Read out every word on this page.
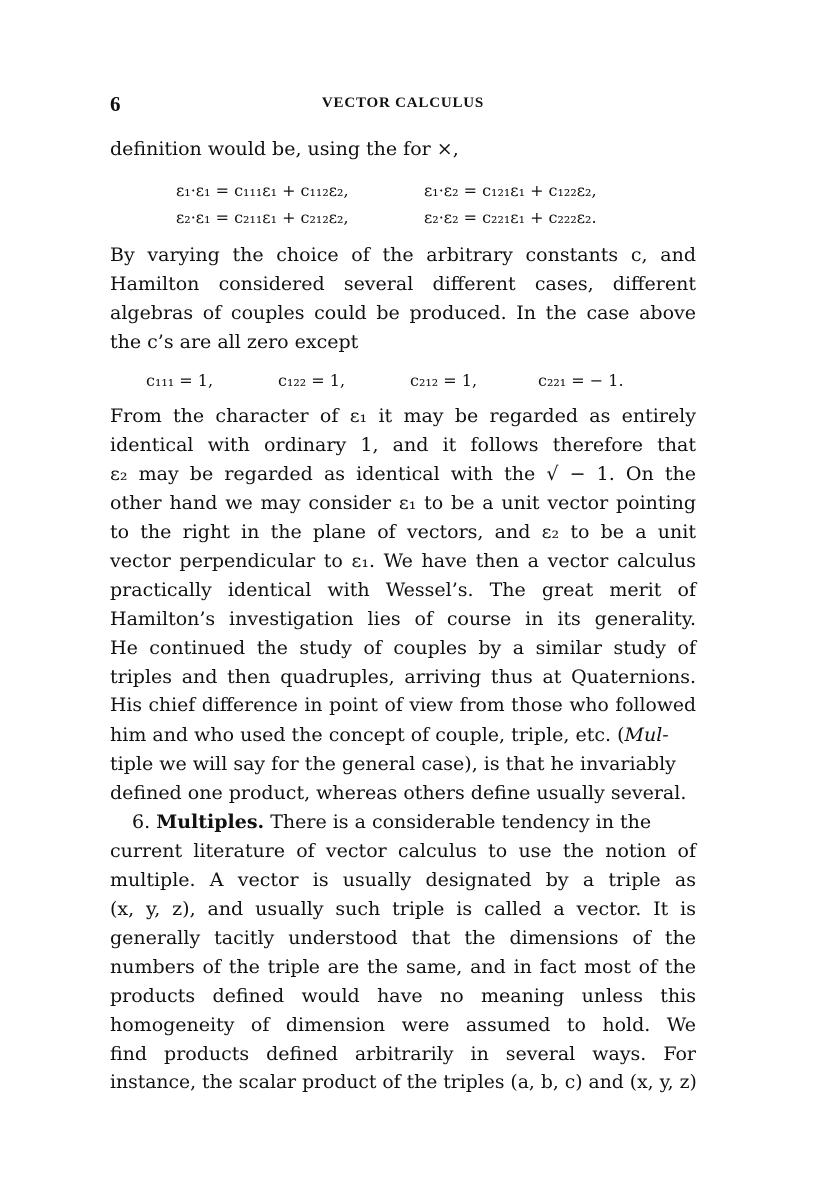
6	VECTOR CALCULUS
definition would be, using the for ×,
ε₁·ε₁ = c₁₁₁ε₁ + c₁₁₂ε₂,	ε₁·ε₂ = c₁₂₁ε₁ + c₁₂₂ε₂,
ε₂·ε₁ = c₂₁₁ε₁ + c₂₁₂ε₂,	ε₂·ε₂ = c₂₂₁ε₁ + c₂₂₂ε₂.
By varying the choice of the arbitrary constants c, and
Hamilton considered several different cases, different
algebras of couples could be produced. In the case above
the c’s are all zero except
c₁₁₁ = 1,	c₁₂₂ = 1,	c₂₁₂ = 1,	c₂₂₁ = − 1.
From the character of ε₁ it may be regarded as entirely
identical with ordinary 1, and it follows therefore that
ε₂ may be regarded as identical with the √ − 1. On the
other hand we may consider ε₁ to be a unit vector pointing
to the right in the plane of vectors, and ε₂ to be a unit
vector perpendicular to ε₁. We have then a vector calculus
practically identical with Wessel’s. The great merit of
Hamilton’s investigation lies of course in its generality.
He continued the study of couples by a similar study of
triples and then quadruples, arriving thus at Quaternions.
His chief difference in point of view from those who followed
him and who used the concept of couple, triple, etc. (Mul-
tiple we will say for the general case), is that he invariably
defined one product, whereas others define usually several.
6. Multiples. There is a considerable tendency in the
current literature of vector calculus to use the notion of
multiple. A vector is usually designated by a triple as
(x, y, z), and usually such triple is called a vector. It is
generally tacitly understood that the dimensions of the
numbers of the triple are the same, and in fact most of the
products defined would have no meaning unless this
homogeneity of dimension were assumed to hold. We
find products defined arbitrarily in several ways. For
instance, the scalar product of the triples (a, b, c) and (x, y, z)
